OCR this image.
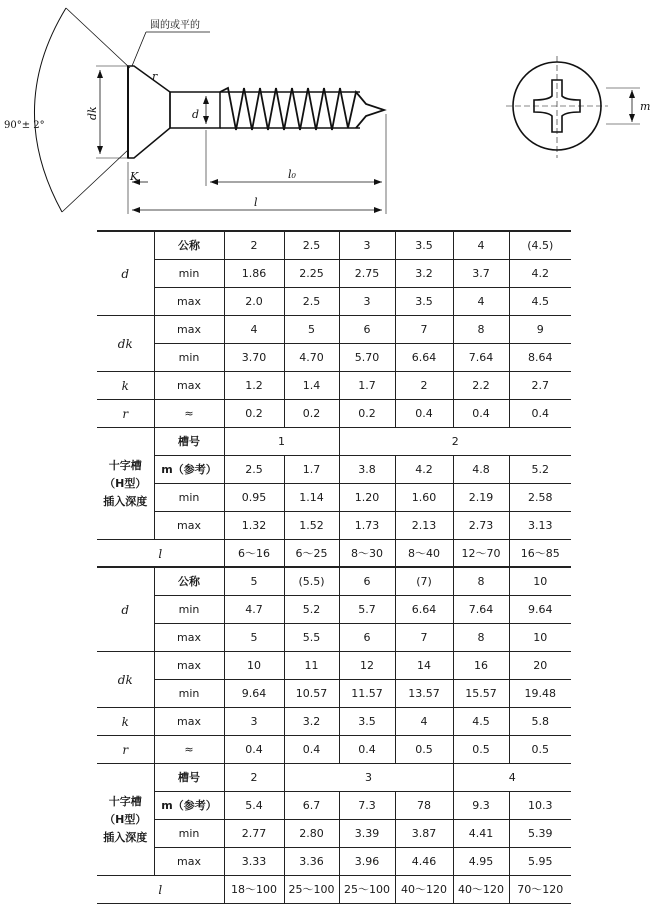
圆的或平的
90°± 2°
r
dk	d
K	l₀
l
m
d	公称	2	2.5	3	3.5	4	(4.5)
	min	1.86	2.25	2.75	3.2	3.7	4.2
	max	2.0	2.5	3	3.5	4	4.5
dk	max	4	5	6	7	8	9
	min	3.70	4.70	5.70	6.64	7.64	8.64
k	max	1.2	1.4	1.7	2	2.2	2.7
r	≈	0.2	0.2	0.2	0.4	0.4	0.4
十字槽
（H型）
插入深度	槽号	1		2			
	m（参考）	2.5	1.7	3.8	4.2	4.8	5.2
	min	0.95	1.14	1.20	1.60	2.19	2.58
	max	1.32	1.52	1.73	2.13	2.73	3.13
l		6～16	6～25	8～30	8～40	12～70	16～85
d	公称	5	(5.5)	6	(7)	8	10
	min	4.7	5.2	5.7	6.64	7.64	9.64
	max	5	5.5	6	7	8	10
dk	max	10	11	12	14	16	20
	min	9.64	10.57	11.57	13.57	15.57	19.48
k	max	3	3.2	3.5	4	4.5	5.8
r	≈	0.4	0.4	0.4	0.5	0.5	0.5
十字槽
（H型）
插入深度	槽号	2	3			4	
	m（参考）	5.4	6.7	7.3	78	9.3	10.3
	min	2.77	2.80	3.39	3.87	4.41	5.39
	max	3.33	3.36	3.96	4.46	4.95	5.95
l		18～100	25～100	25～100	40～120	40～120	70～120
